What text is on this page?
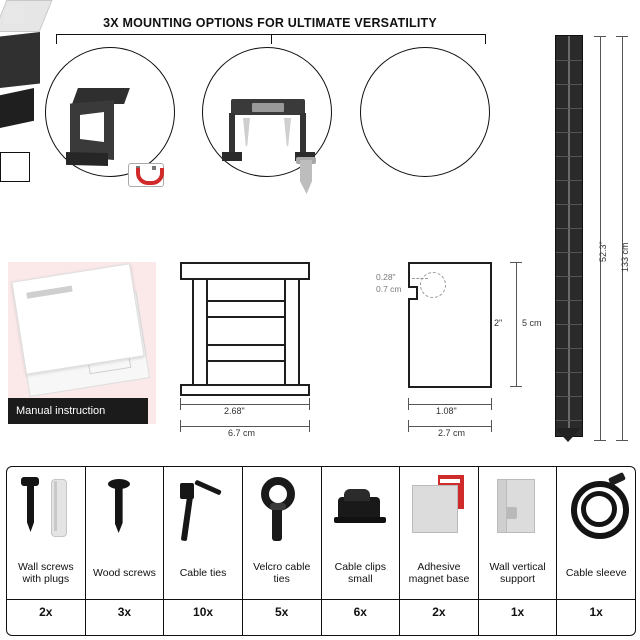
3X MOUNTING OPTIONS FOR ULTIMATE VERSATILITY
52.3" 133 cm
Manual instruction	2.68"
6.7 cm
0.28"
0.7 cm
1.08"
2.7 cm
2" 5 cm
Wall screws with plugs
2x
Wood screws
3x
Cable ties
10x
Velcro cable ties
5x
Cable clips small
6x
Adhesive magnet base
2x
Wall vertical support
1x
Cable sleeve
1x
